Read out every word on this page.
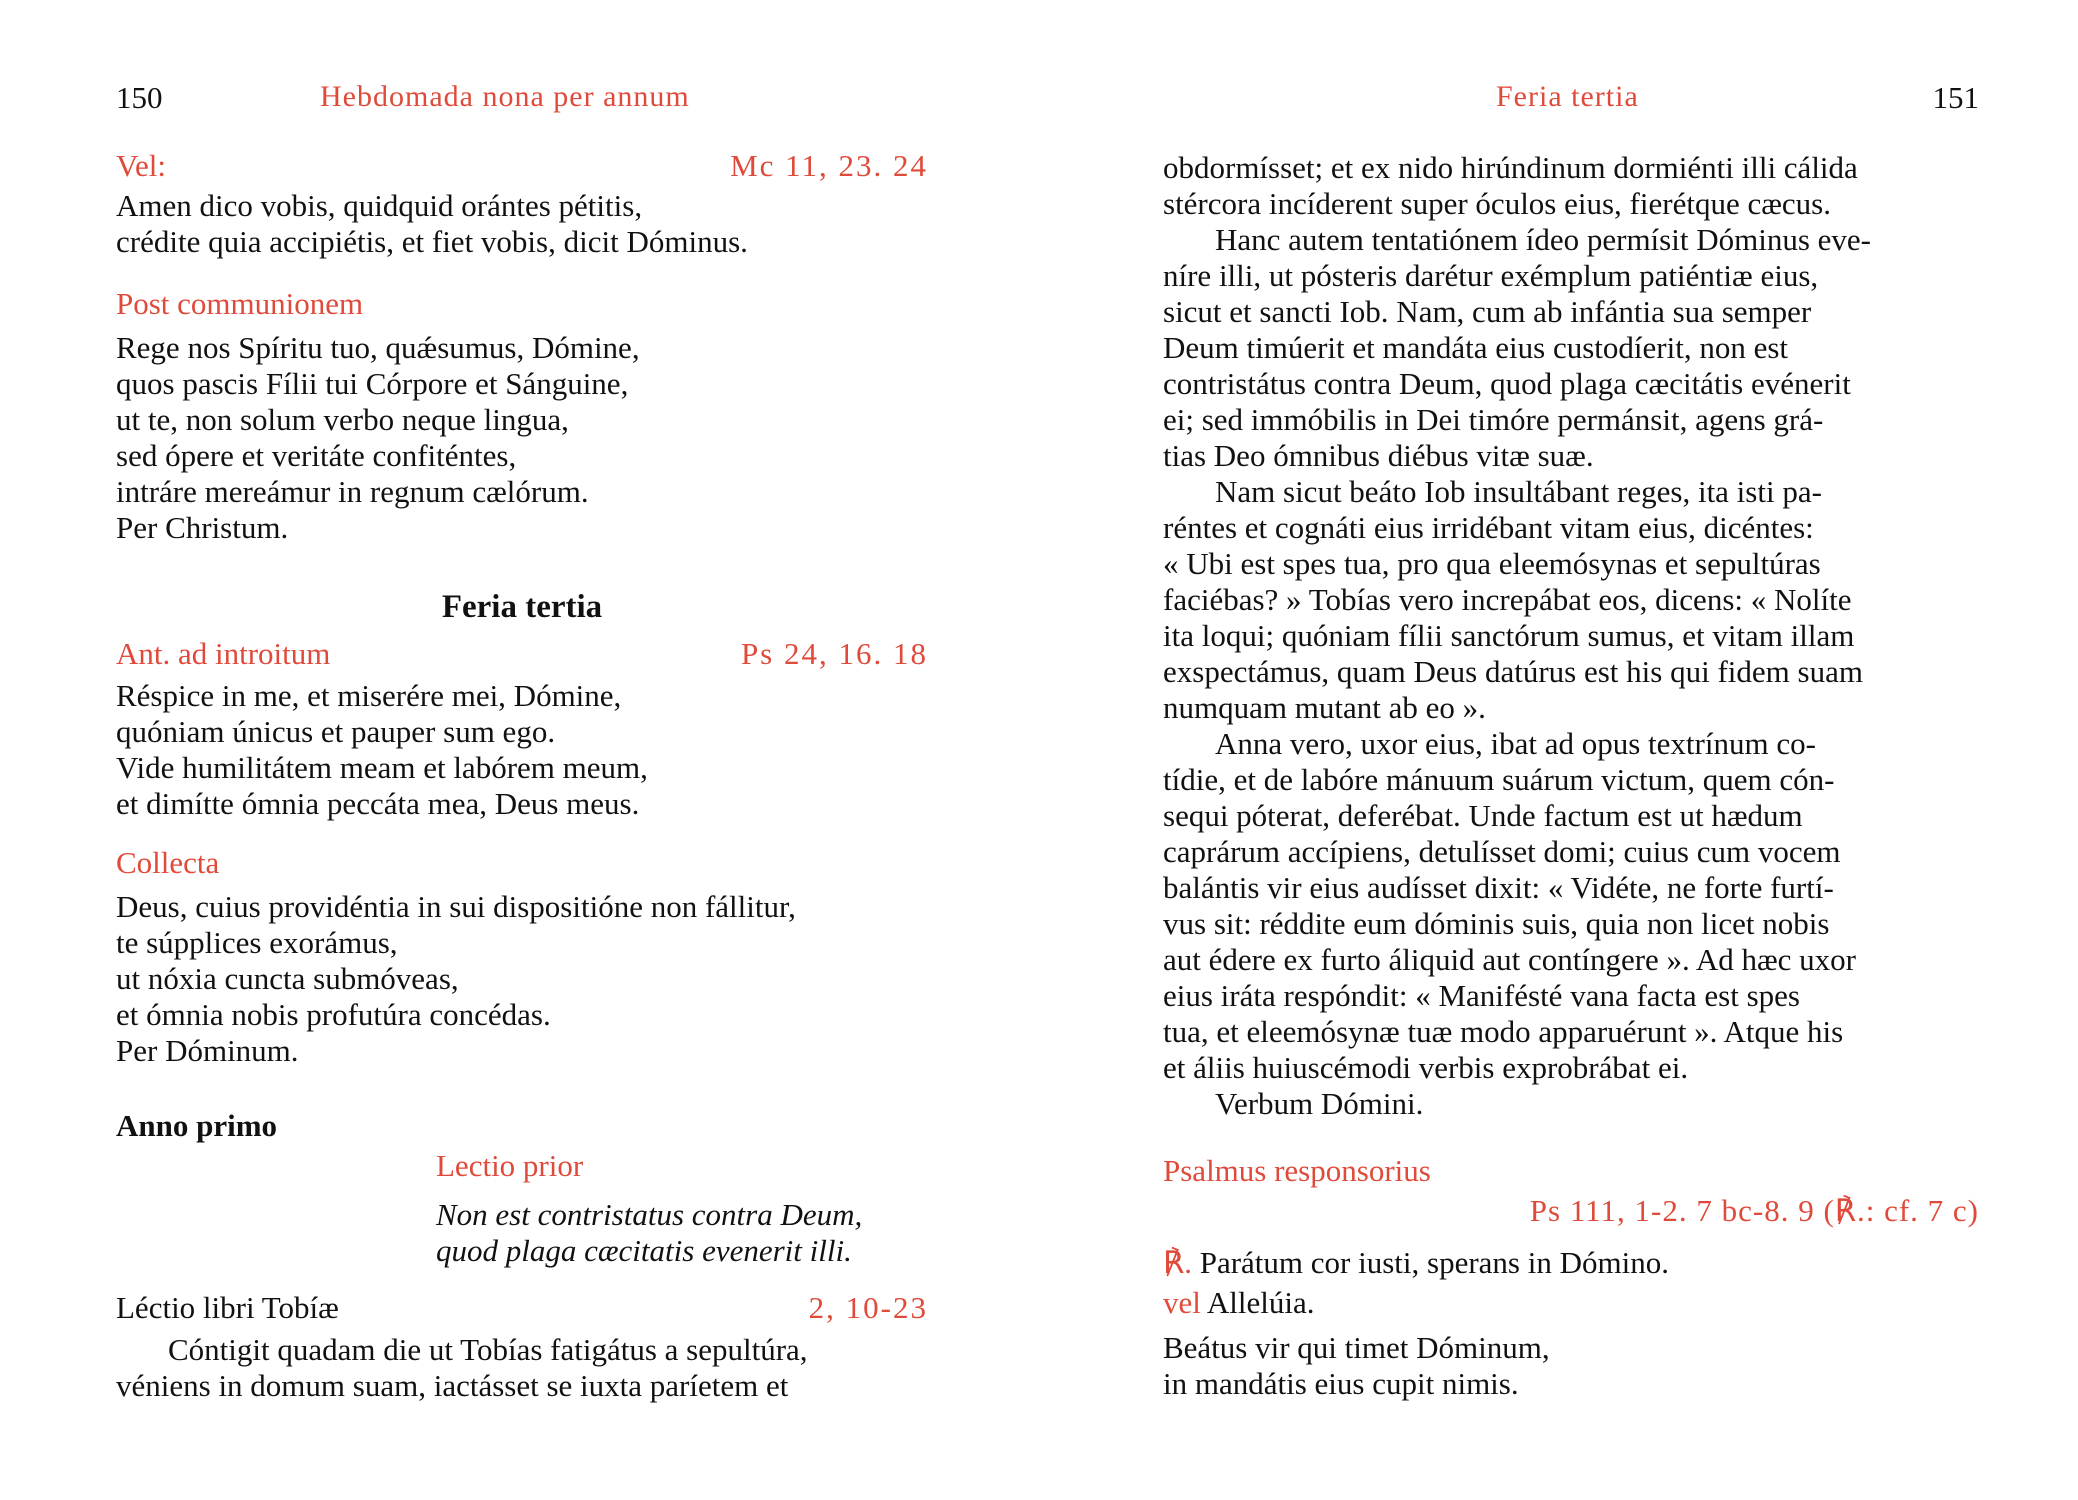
150	Hebdomada nona per annum
Vel:	Mc 11, 23. 24

Amen dico vobis, quidquid orántes pétitis,

crédite quia accipiétis, et fiet vobis, dicit Dóminus.

Post communionem

Rege nos Spíritu tuo, quǽsumus, Dómine,

quos pascis Fílii tui Córpore et Sánguine,

ut te, non solum verbo neque lingua,

sed ópere et veritáte confiténtes,

intráre mereámur in regnum cælórum.

Per Christum.

Feria tertia
Ant. ad introitum	Ps 24, 16. 18

Réspice in me, et miserére mei, Dómine,

quóniam únicus et pauper sum ego.

Vide humilitátem meam et labórem meum,

et dimítte ómnia peccáta mea, Deus meus.

Collecta

Deus, cuius providéntia in sui dispositióne non fállitur,

te súpplices exorámus,

ut nóxia cuncta submóveas,

et ómnia nobis profutúra concédas.

Per Dóminum.

Anno primo
Lectio prior

Non est contristatus contra Deum,

quod plaga cæcitatis evenerit illi.

Léctio libri Tobíæ	2, 10-23

Cóntigit quadam die ut Tobías fatigátus a sepultúra,

véniens in domum suam, iactásset se iuxta paríetem et

Feria tertia	151

obdormísset; et ex nido hirúndinum dormiénti illi cálida

stércora incíderent super óculos eius, fierétque cæcus.

Hanc autem tentatiónem ídeo permísit Dóminus eve-

níre illi, ut pósteris darétur exémplum patiéntiæ eius,

sicut et sancti Iob. Nam, cum ab infántia sua semper

Deum timúerit et mandáta eius custodíerit, non est

contristátus contra Deum, quod plaga cæcitátis evénerit

ei; sed immóbilis in Dei timóre permánsit, agens grá-

tias Deo ómnibus diébus vitæ suæ.

Nam sicut beáto Iob insultábant reges, ita isti pa-

réntes et cognáti eius irridébant vitam eius, dicéntes:

« Ubi est spes tua, pro qua eleemósynas et sepultúras

faciébas? » Tobías vero increpábat eos, dicens: « Nolíte

ita loqui; quóniam fílii sanctórum sumus, et vitam illam

exspectámus, quam Deus datúrus est his qui fidem suam

numquam mutant ab eo ».

Anna vero, uxor eius, ibat ad opus textrínum co-

tídie, et de labóre mánuum suárum victum, quem cón-

sequi póterat, deferébat. Unde factum est ut hædum

caprárum accípiens, detulísset domi; cuius cum vocem

balántis vir eius audísset dixit: « Vidéte, ne forte furtí-

vus sit: réddite eum dóminis suis, quia non licet nobis

aut édere ex furto áliquid aut contíngere ». Ad hæc uxor

eius iráta respóndit: « Manifésté vana facta est spes

tua, et eleemósynæ tuæ modo apparuérunt ». Atque his

et áliis huiuscémodi verbis exprobrábat ei.

Verbum Dómini.

Psalmus responsorius
Ps 111, 1-2. 7 bc-8. 9 (℟.: cf. 7 c)

℟. Parátum cor iusti, sperans in Dómino.

vel Allelúia.

Beátus vir qui timet Dóminum,

in mandátis eius cupit nimis.
